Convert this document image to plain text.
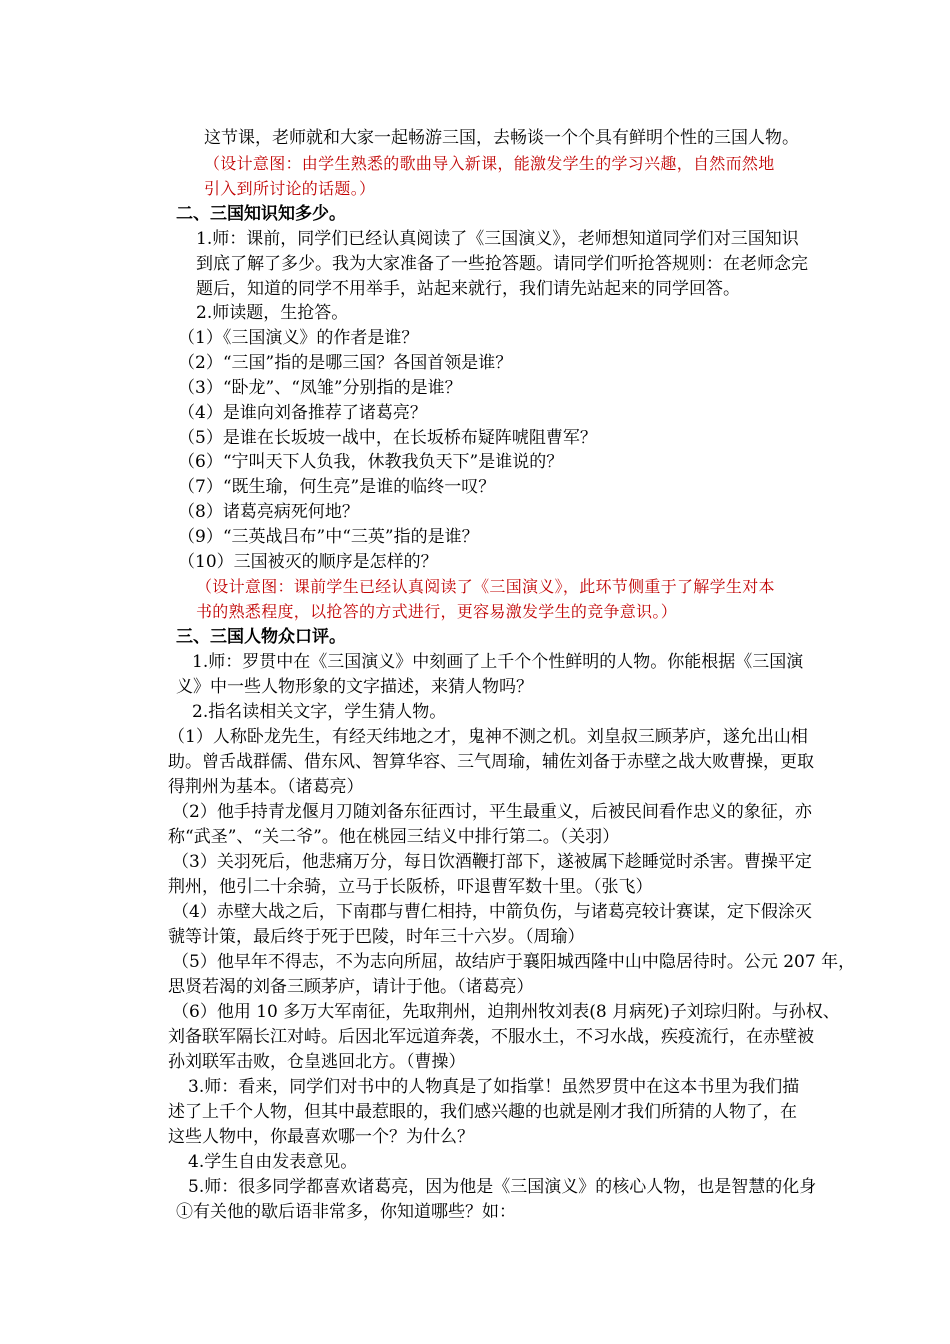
这节课，老师就和大家一起畅游三国，去畅谈一个个具有鲜明个性的三国人物。
（设计意图：由学生熟悉的歌曲导入新课，能激发学生的学习兴趣，自然而然地
引入到所讨论的话题。）
二、三国知识知多少。
1.师：课前，同学们已经认真阅读了《三国演义》，老师想知道同学们对三国知识
到底了解了多少。我为大家准备了一些抢答题。请同学们听抢答规则：在老师念完
题后，知道的同学不用举手，站起来就行，我们请先站起来的同学回答。
2.师读题，生抢答。
（1）《三国演义》的作者是谁？
（2）“三国”指的是哪三国？各国首领是谁？
（3）“卧龙”、“凤雏”分别指的是谁？
（4）是谁向刘备推荐了诸葛亮？
（5）是谁在长坂坡一战中，在长坂桥布疑阵唬阻曹军？
（6）“宁叫天下人负我，休教我负天下”是谁说的？
（7）“既生瑜，何生亮”是谁的临终一叹？
（8）诸葛亮病死何地？
（9）“三英战吕布”中“三英”指的是谁？
（10）三国被灭的顺序是怎样的？
（设计意图：课前学生已经认真阅读了《三国演义》，此环节侧重于了解学生对本
书的熟悉程度，以抢答的方式进行，更容易激发学生的竞争意识。）
三、三国人物众口评。
1.师：罗贯中在《三国演义》中刻画了上千个个性鲜明的人物。你能根据《三国演
义》中一些人物形象的文字描述，来猜人物吗？
2.指名读相关文字，学生猜人物。
（1）人称卧龙先生，有经天纬地之才，鬼神不测之机。刘皇叔三顾茅庐，遂允出山相
助。曾舌战群儒、借东风、智算华容、三气周瑜，辅佐刘备于赤壁之战大败曹操，更取
得荆州为基本。（诸葛亮）
（2）他手持青龙偃月刀随刘备东征西讨，平生最重义，后被民间看作忠义的象征，亦
称“武圣”、“关二爷”。他在桃园三结义中排行第二。（关羽）
（3）关羽死后，他悲痛万分，每日饮酒鞭打部下，遂被属下趁睡觉时杀害。曹操平定
荆州，他引二十余骑，立马于长阪桥，吓退曹军数十里。（张飞）
（4）赤壁大战之后，下南郡与曹仁相持，中箭负伤，与诸葛亮较计赛谋，定下假涂灭
虢等计策，最后终于死于巴陵，时年三十六岁。（周瑜）
（5）他早年不得志，不为志向所屈，故结庐于襄阳城西隆中山中隐居待时。公元 207 年，
思贤若渴的刘备三顾茅庐，请计于他。（诸葛亮）
（6）他用 10 多万大军南征，先取荆州，迫荆州牧刘表(8 月病死)子刘琮归附。与孙权、
刘备联军隔长江对峙。后因北军远道奔袭，不服水土，不习水战，疾疫流行，在赤壁被
孙刘联军击败，仓皇逃回北方。（曹操）
3.师：看来，同学们对书中的人物真是了如指掌！虽然罗贯中在这本书里为我们描
述了上千个人物，但其中最惹眼的，我们感兴趣的也就是刚才我们所猜的人物了，在
这些人物中，你最喜欢哪一个？为什么？
4.学生自由发表意见。
5.师：很多同学都喜欢诸葛亮，因为他是《三国演义》的核心人物，也是智慧的化身
①有关他的歇后语非常多，你知道哪些？如：
